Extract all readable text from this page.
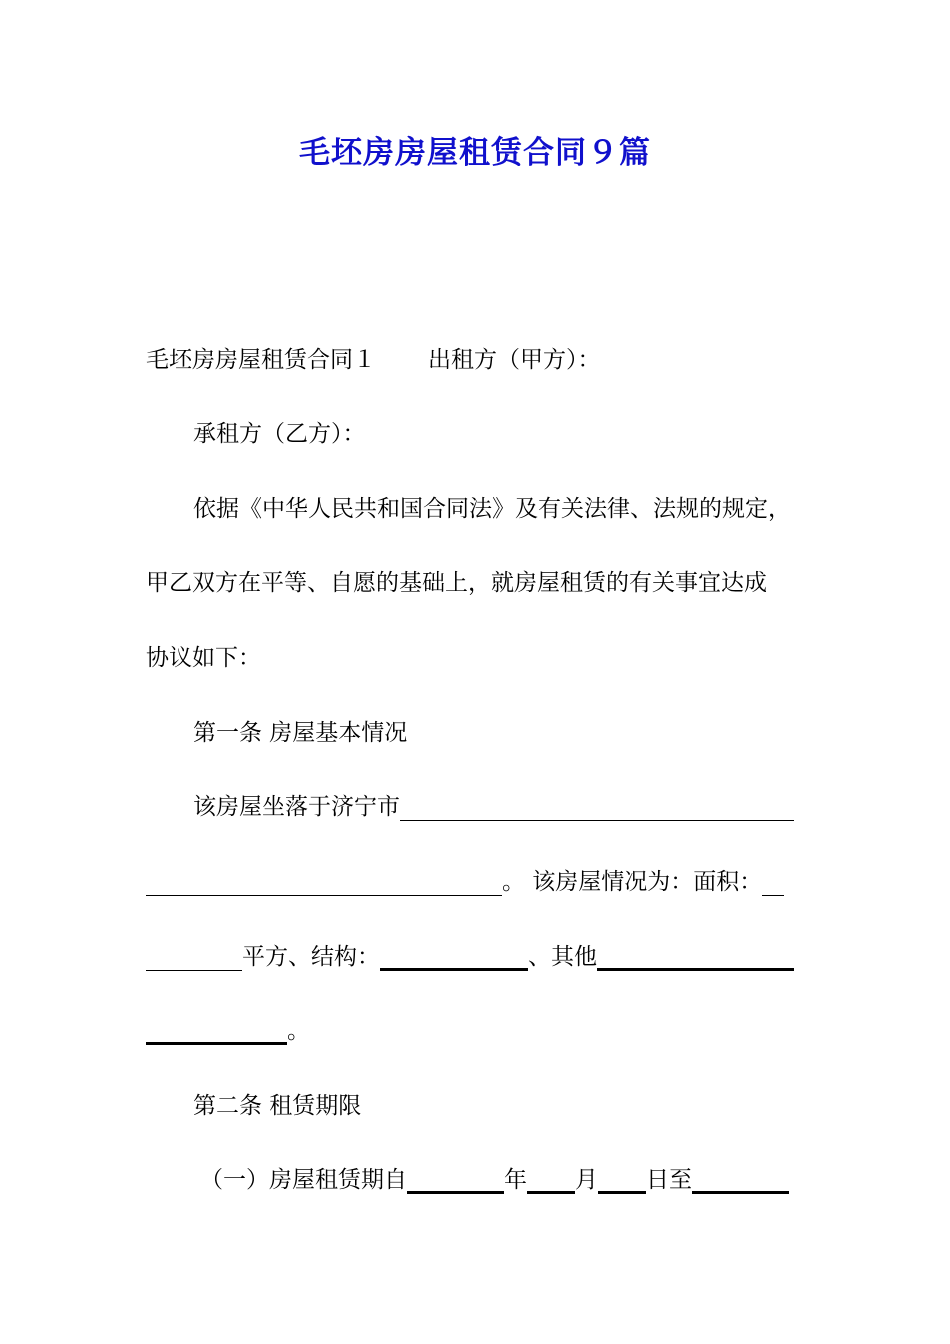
毛坯房房屋租赁合同９篇
毛坯房房屋租赁合同１ 出租方（甲方）：
承租方（乙方）：
依据《中华人民共和国合同法》及有关法律、法规的规定，
甲乙双方在平等、自愿的基础上，就房屋租赁的有关事宜达成
协议如下：
第一条 房屋基本情况
该房屋坐落于济宁市
。 该房屋情况为：面积：
平方、结构：	、其他
。
第二条 租赁期限
（一）房屋租赁期自	年 月 日至
